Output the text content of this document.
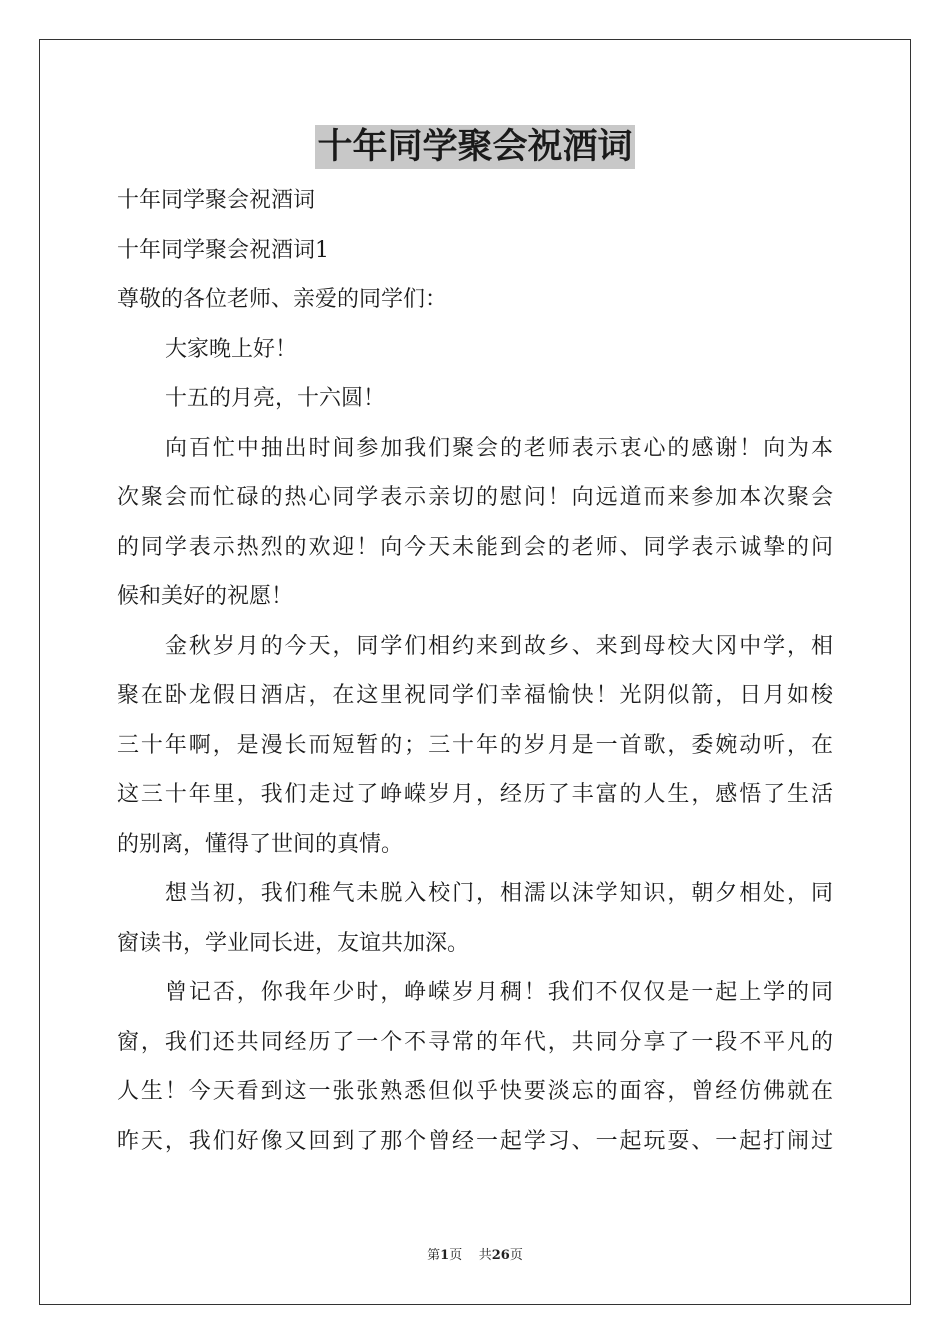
十年同学聚会祝酒词
十年同学聚会祝酒词
十年同学聚会祝酒词1
尊敬的各位老师、亲爱的同学们：
大家晚上好！
十五的月亮，十六圆！
向百忙中抽出时间参加我们聚会的老师表示衷心的感谢！向为本
次聚会而忙碌的热心同学表示亲切的慰问！向远道而来参加本次聚会
的同学表示热烈的欢迎！向今天未能到会的老师、同学表示诚挚的问
候和美好的祝愿！
金秋岁月的今天，同学们相约来到故乡、来到母校大冈中学，相
聚在卧龙假日酒店，在这里祝同学们幸福愉快！光阴似箭，日月如梭
三十年啊，是漫长而短暂的；三十年的岁月是一首歌，委婉动听，在
这三十年里，我们走过了峥嵘岁月，经历了丰富的人生，感悟了生活
的别离，懂得了世间的真情。
想当初，我们稚气未脱入校门，相濡以沫学知识，朝夕相处，同
窗读书，学业同长进，友谊共加深。
曾记否，你我年少时，峥嵘岁月稠！我们不仅仅是一起上学的同
窗，我们还共同经历了一个不寻常的年代，共同分享了一段不平凡的
人生！今天看到这一张张熟悉但似乎快要淡忘的面容，曾经仿佛就在
昨天，我们好像又回到了那个曾经一起学习、一起玩耍、一起打闹过
第1页 共26页
